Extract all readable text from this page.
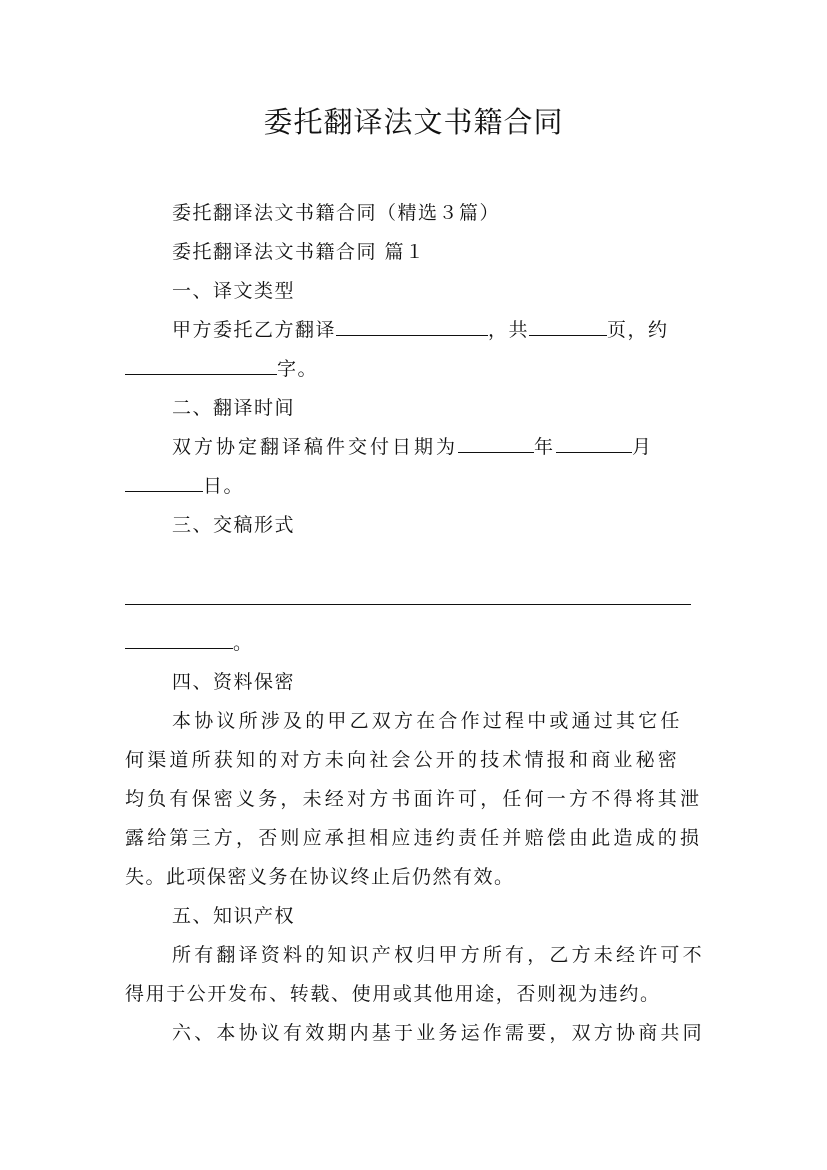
委托翻译法文书籍合同
委托翻译法文书籍合同（精选３篇）
委托翻译法文书籍合同 篇１
一、译文类型
甲方委托乙方翻译	，共	页，约
字。
二、翻译时间
双方协定翻译稿件交付日期为	年	月
日。
三、交稿形式
。
四、资料保密
本协议所涉及的甲乙双方在合作过程中或通过其它任
何渠道所获知的对方未向社会公开的技术情报和商业秘密
均负有保密义务，未经对方书面许可，任何一方不得将其泄
露给第三方，否则应承担相应违约责任并赔偿由此造成的损
失。此项保密义务在协议终止后仍然有效。
五、知识产权
所有翻译资料的知识产权归甲方所有，乙方未经许可不
得用于公开发布、转载、使用或其他用途，否则视为违约。
六、本协议有效期内基于业务运作需要，双方协商共同
